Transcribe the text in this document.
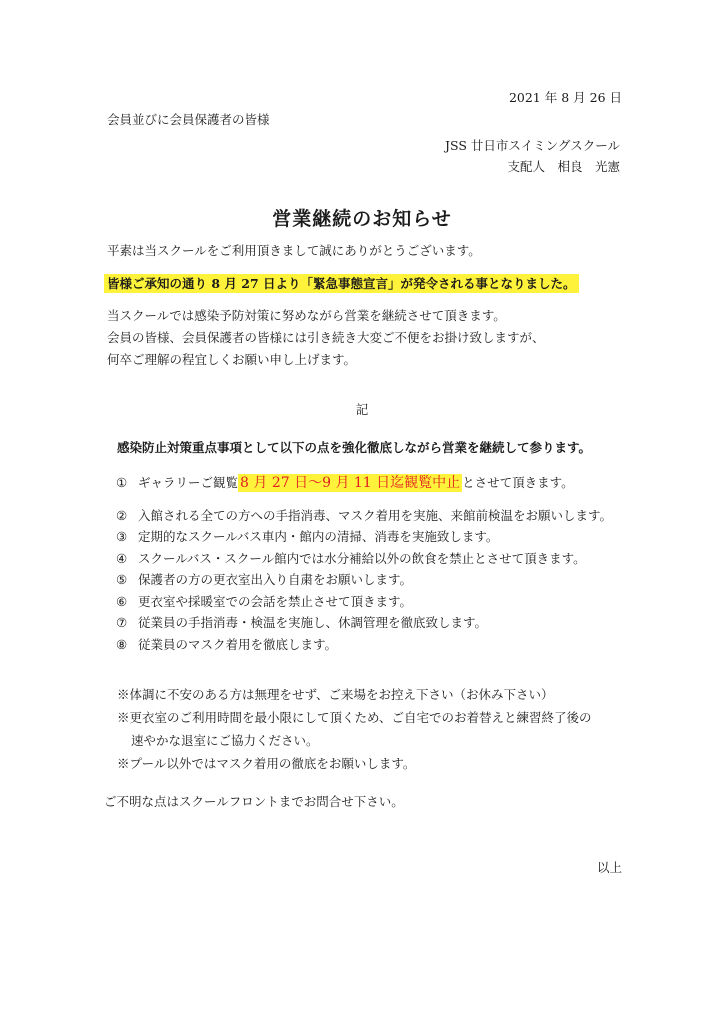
2021 年 8 月 26 日
会員並びに会員保護者の皆様
JSS 廿日市スイミングスクール
支配人　相良　光憲
営業継続のお知らせ
平素は当スクールをご利用頂きまして誠にありがとうございます。
皆様ご承知の通り 8 月 27 日より「緊急事態宣言」が発令される事となりました。
当スクールでは感染予防対策に努めながら営業を継続させて頂きます。
会員の皆様、会員保護者の皆様には引き続き大変ご不便をお掛け致しますが、
何卒ご理解の程宜しくお願い申し上げます。
記
感染防止対策重点事項として以下の点を強化徹底しながら営業を継続して参ります。
① ギャラリーご観覧 8 月 27 日～9 月 11 日迄観覧中止 とさせて頂きます。
② 入館される全ての方への手指消毒、マスク着用を実施、来館前検温をお願いします。
③ 定期的なスクールバス車内・館内の清掃、消毒を実施致します。
④ スクールバス・スクール館内では水分補給以外の飲食を禁止とさせて頂きます。
⑤ 保護者の方の更衣室出入り自粛をお願いします。
⑥ 更衣室や採暖室での会話を禁止させて頂きます。
⑦ 従業員の手指消毒・検温を実施し、休調管理を徹底致します。
⑧ 従業員のマスク着用を徹底します。
※体調に不安のある方は無理をせず、ご来場をお控え下さい（お休み下さい）
※更衣室のご利用時間を最小限にして頂くため、ご自宅でのお着替えと練習終了後の
速やかな退室にご協力ください。
※プール以外ではマスク着用の徹底をお願いします。
ご不明な点はスクールフロントまでお問合せ下さい。
以上
